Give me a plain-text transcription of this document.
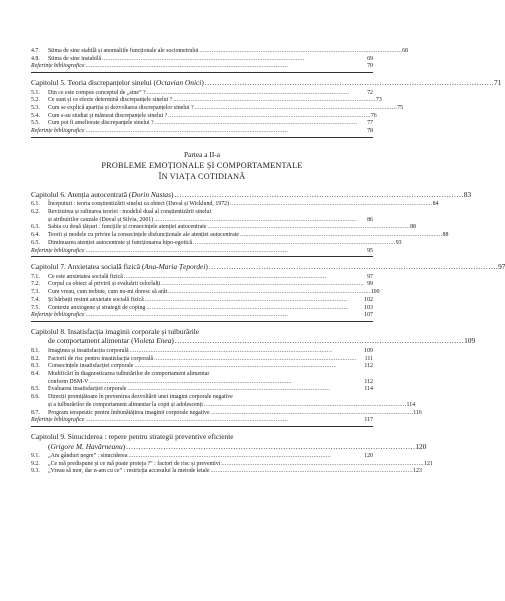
4.7.	Stima de sine stabilă și anomaliile funcționale ale sociometrului . . .	68
4.8.	Stima de sine instabilă . . .	69
Referințe bibliografice . . .	70
Capitolul 5. Teoria discrepanțelor sinelui (Octavian Onici) . . .	71
5.1.	Din ce este compus conceptul de „sine” ? . . .	72
5.2.	Ce sunt și ce efecte determină discrepanțele sinelui ? . . .	73
5.3.	Cum se explică apariția și dezvoltarea discrepanțelor sinelui ? . . .	75
5.4.	Cum s-au studiat și măsurat discrepanțele sinelui ? . . .	76
5.5.	Cum pot fi ameliorate discrepanțele sinelui ? . . .	77
Referințe bibliografice . . .	78
Partea a II-a
PROBLEME EMOȚIONALE ȘI COMPORTAMENTALE
ÎN VIAȚA COTIDIANĂ
Capitolul 6. Atenția autocentrată (Dorin Nastas) . . .	83
6.1.	Începuturi : teoria conștientizării sinelui ca obiect (Duval și Wicklund, 1972) . . .	84
6.2.	Revizuirea și rafinarea teoriei : modelul dual al conștientizării sinelui
și atribuirilor cauzale (Duval și Silvia, 2001) . . .	86
6.3.	Sabia cu două tăișuri : funcțiile și consecințele atenției autocentrate . . .	88
6.4.	Teorii și modele cu privire la consecințele disfuncționale ale atenției autocentrate . . .	88
6.5.	Diminuarea atenției autocentrate și funcționarea hipo-egotică . . .	93
Referințe bibliografice . . .	95
Capitolul 7. Anxietatea socială fizică (Ana-Maria Țepordei) . . .	97
7.1.	Ce este anxietatea socială fizică . . .	97
7.2.	Corpul ca obiect al privirii și evaluării celorlalți . . .	99
7.3.	Cum vreau, cum trebuie, cum nu-mi doresc să arăt . . .	100
7.4.	Și bărbații resimt anxietate socială fizică . . .	102
7.5.	Contexte anxiogene și strategii de coping . . .	103
Referințe bibliografice . . .	107
Capitolul 8. Insatisfacția imaginii corporale și tulburările
de comportament alimentar (Violeta Enea) . . .	109
8.1.	Imaginea și insatisfacția corporală . . .	109
8.2.	Factorii de risc pentru insatisfacția corporală . . .	111
8.3.	Consecințele insatisfacției corporale . . .	112
8.4.	Modificări în diagnosticarea tulburărilor de comportament alimentar
conform DSM-V . . .	112
8.5.	Evaluarea insatisfacției corporale . . .	114
8.6.	Direcții promițătoare în prevenirea dezvoltării unei imagini corporale negative
și a tulburărilor de comportament alimentar la copii și adolescenți . . .	114
8.7.	Program terapeutic pentru îmbunătățirea imaginii corporale negative . . .	116
Referințe bibliografice . . .	117
Capitolul 9. Sinuciderea : repere pentru strategii preventive eficiente
(Grigore M. Havârneanu) . . .	120
9.1.	„Am gânduri negre” : sinuciderea . . .	120
9.2.	„Ce mă predispune și ce mă poate proteja ?” : factori de risc și preventivi . . .	121
9.3.	„Vreau să mor, dar n-am cu ce” : restricția accesului la metode letale . . .	123
